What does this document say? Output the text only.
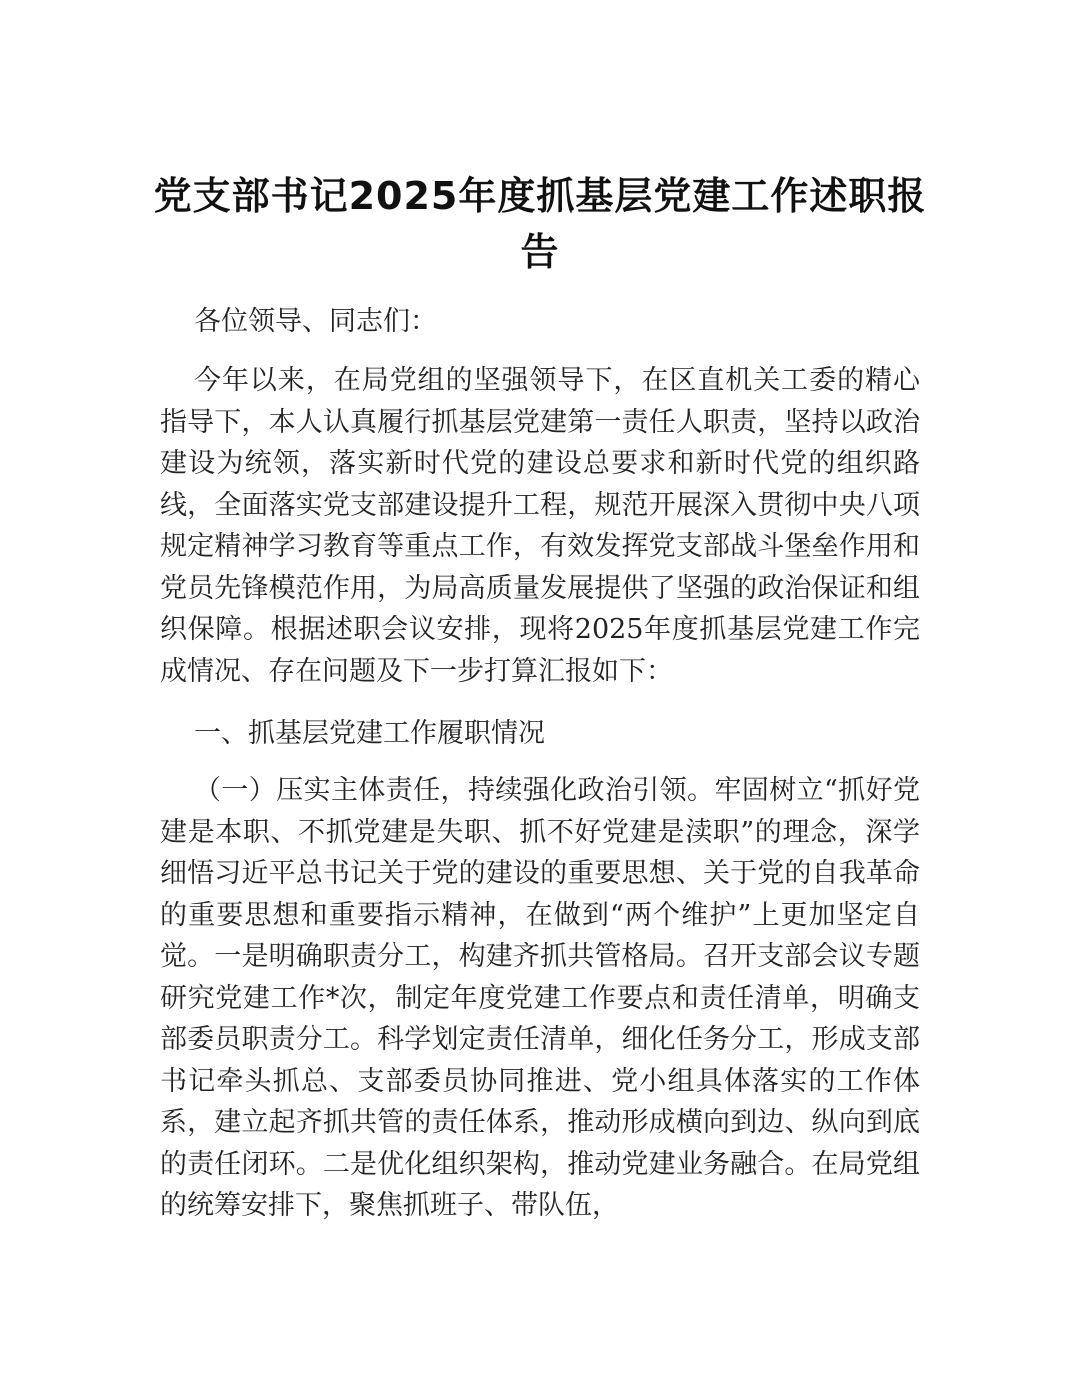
党支部书记2025年度抓基层党建工作述职报告
各位领导、同志们：
今年以来，在局党组的坚强领导下，在区直机关工委的精心指导下，本人认真履行抓基层党建第一责任人职责，坚持以政治建设为统领，落实新时代党的建设总要求和新时代党的组织路线，全面落实党支部建设提升工程，规范开展深入贯彻中央八项规定精神学习教育等重点工作，有效发挥党支部战斗堡垒作用和党员先锋模范作用，为局高质量发展提供了坚强的政治保证和组织保障。根据述职会议安排，现将2025年度抓基层党建工作完成情况、存在问题及下一步打算汇报如下：
一、抓基层党建工作履职情况
（一）压实主体责任，持续强化政治引领。牢固树立“抓好党建是本职、不抓党建是失职、抓不好党建是渎职”的理念，深学细悟习近平总书记关于党的建设的重要思想、关于党的自我革命的重要思想和重要指示精神，在做到“两个维护”上更加坚定自觉。一是明确职责分工，构建齐抓共管格局。召开支部会议专题研究党建工作*次，制定年度党建工作要点和责任清单，明确支部委员职责分工。科学划定责任清单，细化任务分工，形成支部书记牵头抓总、支部委员协同推进、党小组具体落实的工作体系，建立起齐抓共管的责任体系，推动形成横向到边、纵向到底的责任闭环。二是优化组织架构，推动党建业务融合。在局党组的统筹安排下，聚焦抓班子、带队伍，
